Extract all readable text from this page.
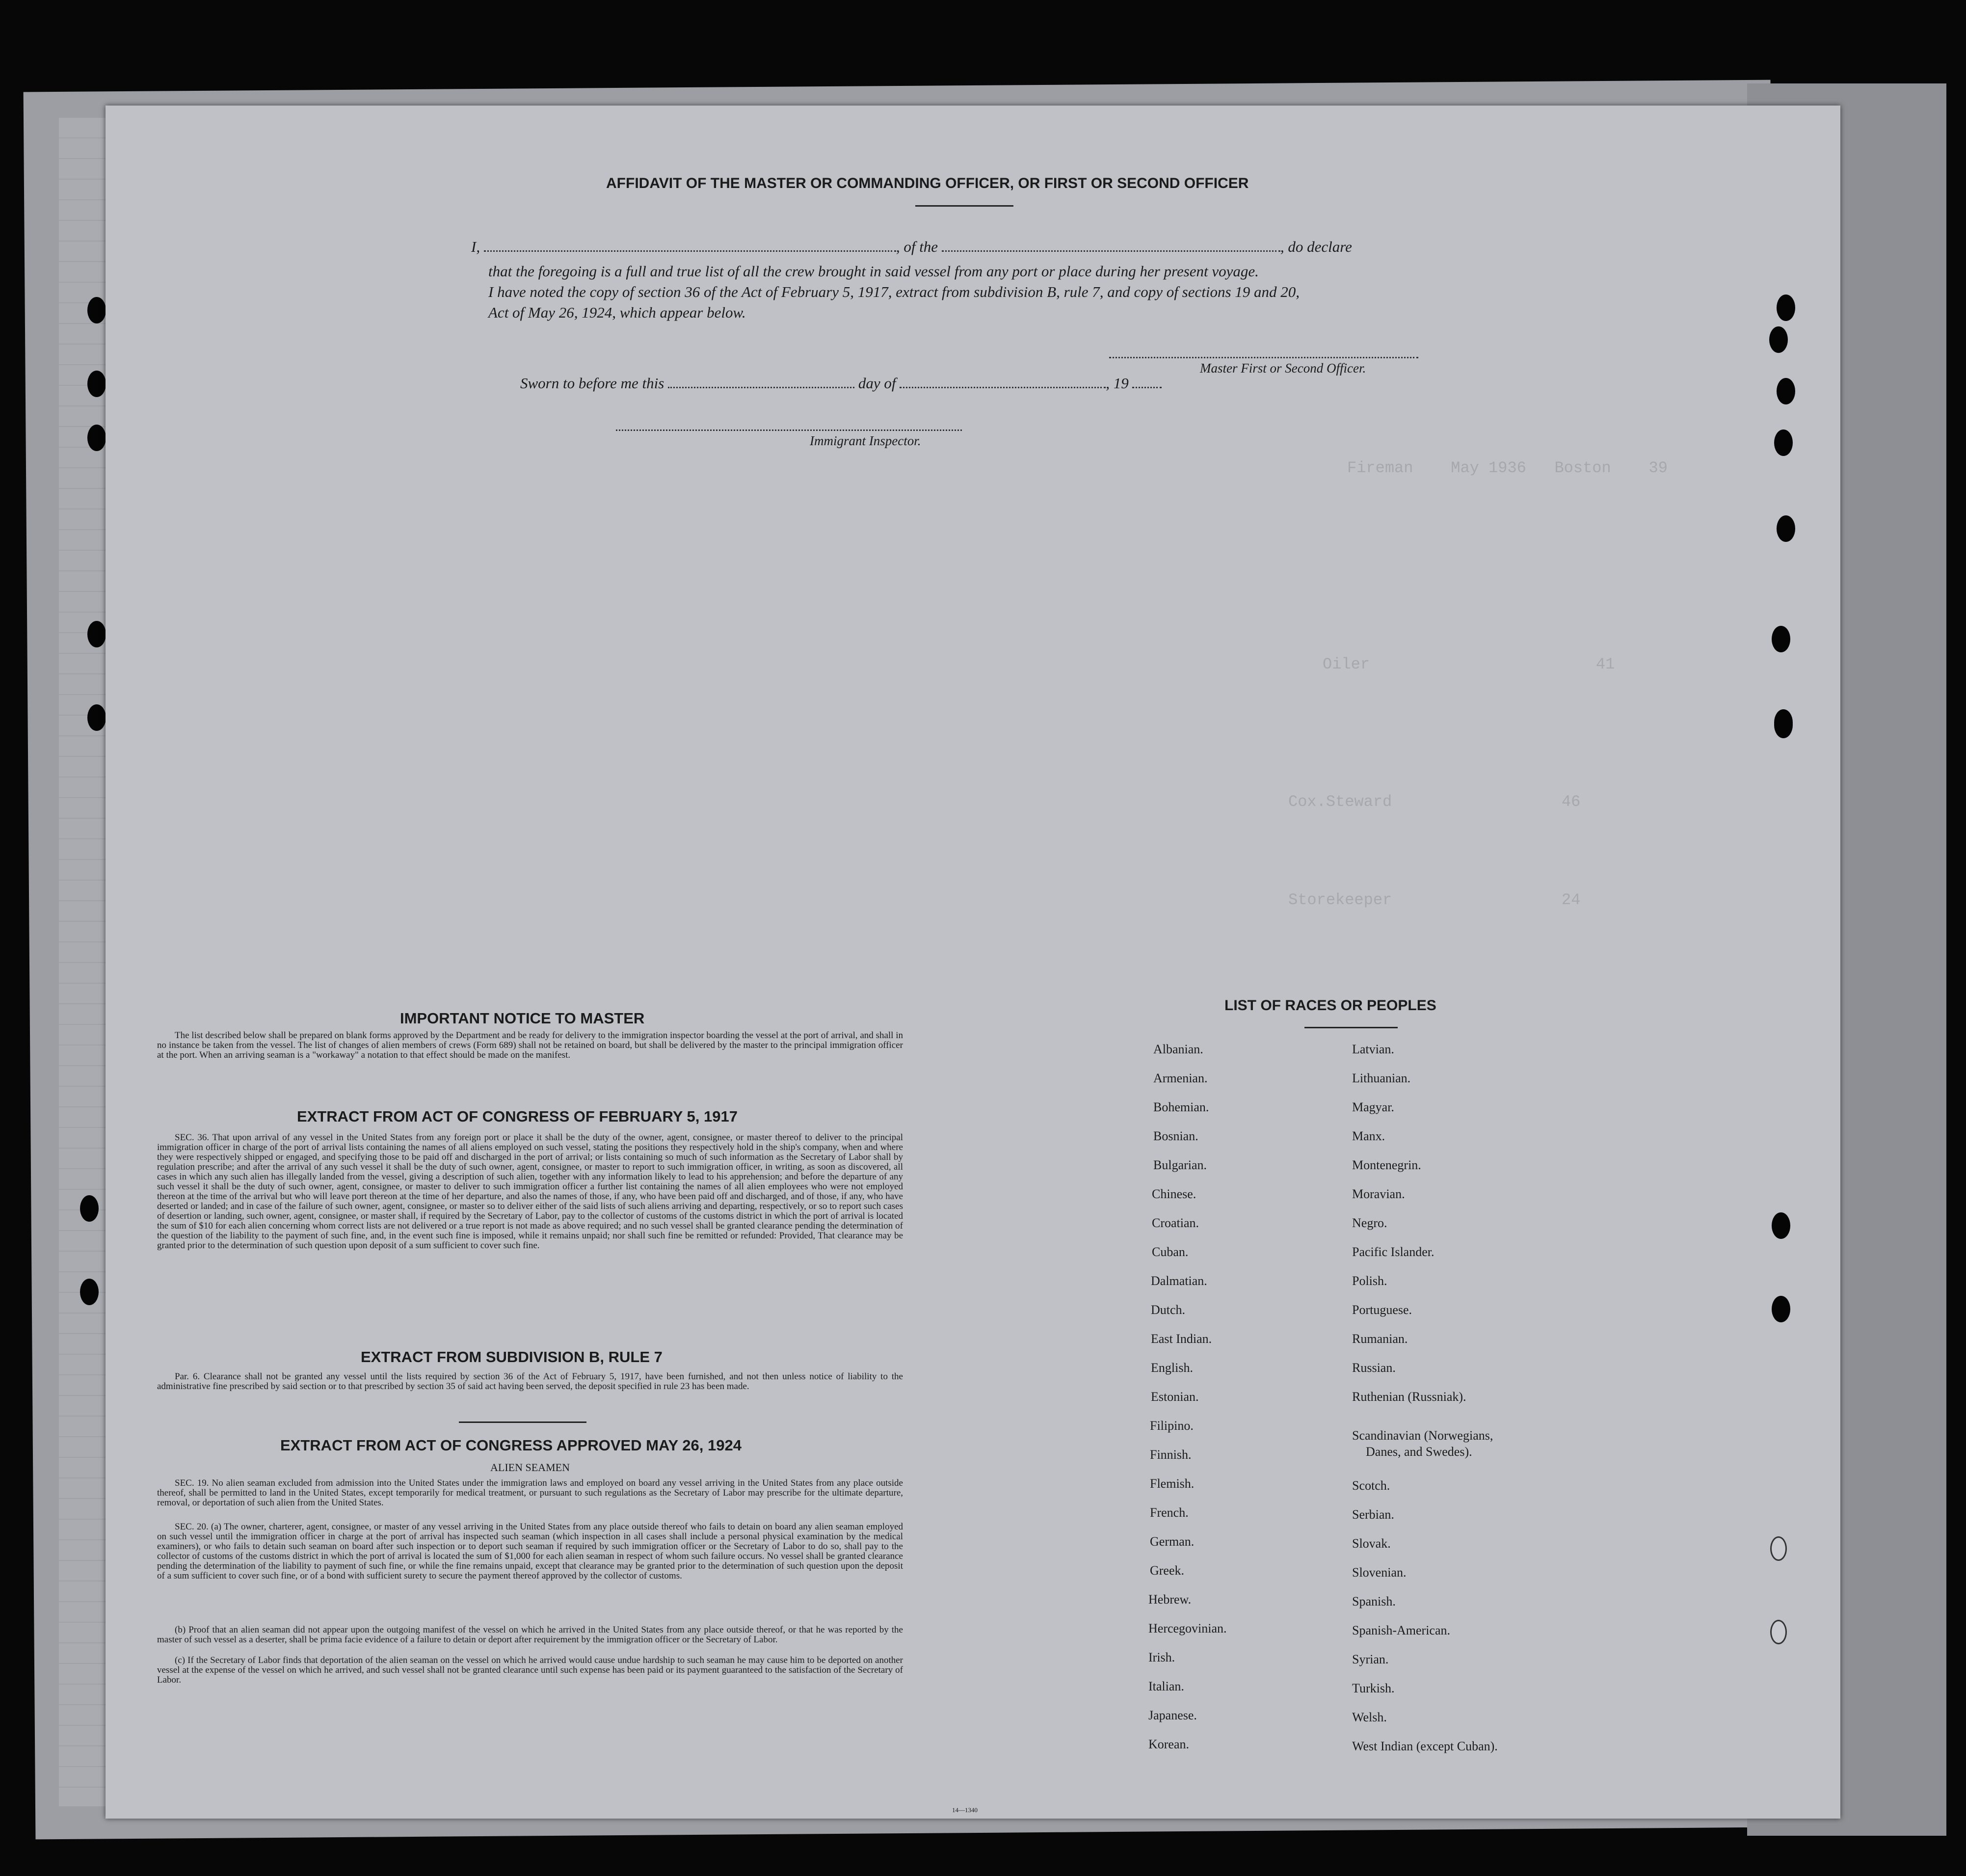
Fireman    May 1936   Boston    39
Oiler                        41
Cox.Steward                  46
Storekeeper                  24
AFFIDAVIT OF THE MASTER OR COMMANDING OFFICER, OR FIRST OR SECOND OFFICER
I,	, of the	, do declare
that the foregoing is a full and true list of all the crew brought in said vessel from any port or place during her present voyage.
I have noted the copy of section 36 of the Act of February 5, 1917, extract from subdivision B, rule 7, and copy of sections 19 and 20,
Act of May 26, 1924, which appear below.
Master First or Second Officer.
Sworn to before me this	day of	, 19
Immigrant Inspector.
IMPORTANT NOTICE TO MASTER
The list described below shall be prepared on blank forms approved by the Department and be ready for delivery to the immigration inspector boarding the vessel at the port of arrival, and shall in no instance be taken from the vessel. The list of changes of alien members of crews (Form 689) shall not be retained on board, but shall be delivered by the master to the principal immigration officer at the port. When an arriving seaman is a "workaway" a notation to that effect should be made on the manifest.
EXTRACT FROM ACT OF CONGRESS OF FEBRUARY 5, 1917
SEC. 36. That upon arrival of any vessel in the United States from any foreign port or place it shall be the duty of the owner, agent, consignee, or master thereof to deliver to the principal immigration officer in charge of the port of arrival lists containing the names of all aliens employed on such vessel, stating the positions they respectively hold in the ship's company, when and where they were respectively shipped or engaged, and specifying those to be paid off and discharged in the port of arrival; or lists containing so much of such information as the Secretary of Labor shall by regulation prescribe; and after the arrival of any such vessel it shall be the duty of such owner, agent, consignee, or master to report to such immigration officer, in writing, as soon as discovered, all cases in which any such alien has illegally landed from the vessel, giving a description of such alien, together with any information likely to lead to his apprehension; and before the departure of any such vessel it shall be the duty of such owner, agent, consignee, or master to deliver to such immigration officer a further list containing the names of all alien employees who were not employed thereon at the time of the arrival but who will leave port thereon at the time of her departure, and also the names of those, if any, who have been paid off and discharged, and of those, if any, who have deserted or landed; and in case of the failure of such owner, agent, consignee, or master so to deliver either of the said lists of such aliens arriving and departing, respectively, or so to report such cases of desertion or landing, such owner, agent, consignee, or master shall, if required by the Secretary of Labor, pay to the collector of customs of the customs district in which the port of arrival is located the sum of $10 for each alien concerning whom correct lists are not delivered or a true report is not made as above required; and no such vessel shall be granted clearance pending the determination of the question of the liability to the payment of such fine, and, in the event such fine is imposed, while it remains unpaid; nor shall such fine be remitted or refunded: Provided, That clearance may be granted prior to the determination of such question upon deposit of a sum sufficient to cover such fine.
EXTRACT FROM SUBDIVISION B, RULE 7
Par. 6. Clearance shall not be granted any vessel until the lists required by section 36 of the Act of February 5, 1917, have been furnished, and not then unless notice of liability to the administrative fine prescribed by said section or to that prescribed by section 35 of said act having been served, the deposit specified in rule 23 has been made.
EXTRACT FROM ACT OF CONGRESS APPROVED MAY 26, 1924
ALIEN SEAMEN
SEC. 19. No alien seaman excluded from admission into the United States under the immigration laws and employed on board any vessel arriving in the United States from any place outside thereof, shall be permitted to land in the United States, except temporarily for medical treatment, or pursuant to such regulations as the Secretary of Labor may prescribe for the ultimate departure, removal, or deportation of such alien from the United States.
SEC. 20. (a) The owner, charterer, agent, consignee, or master of any vessel arriving in the United States from any place outside thereof who fails to detain on board any alien seaman employed on such vessel until the immigration officer in charge at the port of arrival has inspected such seaman (which inspection in all cases shall include a personal physical examination by the medical examiners), or who fails to detain such seaman on board after such inspection or to deport such seaman if required by such immigration officer or the Secretary of Labor to do so, shall pay to the collector of customs of the customs district in which the port of arrival is located the sum of $1,000 for each alien seaman in respect of whom such failure occurs. No vessel shall be granted clearance pending the determination of the liability to payment of such fine, or while the fine remains unpaid, except that clearance may be granted prior to the determination of such question upon the deposit of a sum sufficient to cover such fine, or of a bond with sufficient surety to secure the payment thereof approved by the collector of customs.
(b) Proof that an alien seaman did not appear upon the outgoing manifest of the vessel on which he arrived in the United States from any place outside thereof, or that he was reported by the master of such vessel as a deserter, shall be prima facie evidence of a failure to detain or deport after requirement by the immigration officer or the Secretary of Labor.
(c) If the Secretary of Labor finds that deportation of the alien seaman on the vessel on which he arrived would cause undue hardship to such seaman he may cause him to be deported on another vessel at the expense of the vessel on which he arrived, and such vessel shall not be granted clearance until such expense has been paid or its payment guaranteed to the satisfaction of the Secretary of Labor.
14—1340
LIST OF RACES OR PEOPLES
Albanian.
Armenian.
Bohemian.
Bosnian.
Bulgarian.
Chinese.
Croatian.
Cuban.
Dalmatian.
Dutch.
East Indian.
English.
Estonian.
Filipino.
Finnish.
Flemish.
French.
German.
Greek.
Hebrew.
Hercegovinian.
Irish.
Italian.
Japanese.
Korean.
Latvian.
Lithuanian.
Magyar.
Manx.
Montenegrin.
Moravian.
Negro.
Pacific Islander.
Polish.
Portuguese.
Rumanian.
Russian.
Ruthenian (Russniak).
Scandinavian (Norwegians,
Danes, and Swedes).
Scotch.
Serbian.
Slovak.
Slovenian.
Spanish.
Spanish-American.
Syrian.
Turkish.
Welsh.
West Indian (except Cuban).
